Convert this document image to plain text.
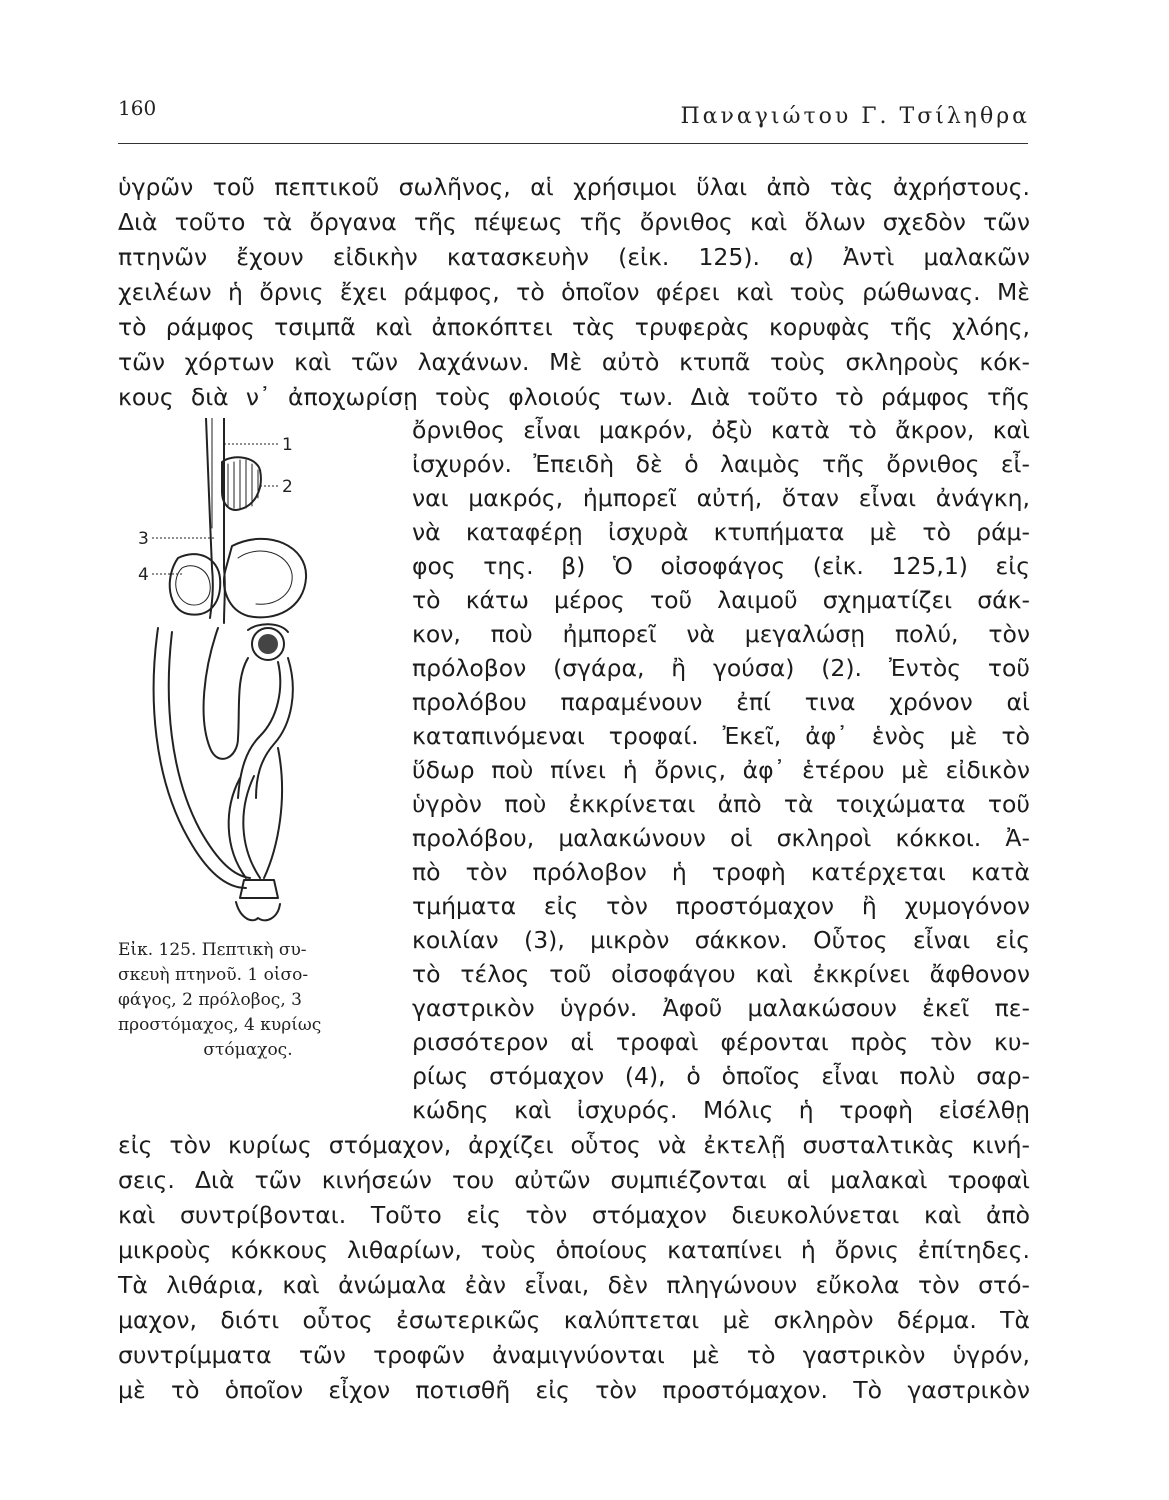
160	Παναγιώτου Γ. Τσίληθρα

ὑγρῶν τοῦ πεπτικοῦ σωλῆνος, αἱ χρήσιμοι ὕλαι ἀπὸ τὰς ἀχρήστους.

Διὰ τοῦτο τὰ ὄργανα τῆς πέψεως τῆς ὄρνιθος καὶ ὅλων σχεδὸν τῶν

πτηνῶν ἔχουν εἰδικὴν κατασκευὴν (εἰκ. 125). α) Ἀντὶ μαλακῶν

χειλέων ἡ ὄρνις ἔχει ράμφος, τὸ ὁποῖον φέρει καὶ τοὺς ρώθωνας. Μὲ

τὸ ράμφος τσιμπᾶ καὶ ἀποκόπτει τὰς τρυφερὰς κορυφὰς τῆς χλόης,

τῶν χόρτων καὶ τῶν λαχάνων. Μὲ αὐτὸ κτυπᾶ τοὺς σκληροὺς κόκ-

κους διὰ ν᾿ ἀποχωρίσῃ τοὺς φλοιούς των. Διὰ τοῦτο τὸ ράμφος τῆς

1
2
3
4

Εἰκ. 125. Πεπτικὴ συ-

σκευὴ πτηνοῦ. 1 οἰσο-

φάγος, 2 πρόλοβος, 3

προστόμαχος, 4 κυρίως

στόμαχος.

ὄρνιθος εἶναι μακρόν, ὀξὺ κατὰ τὸ ἄκρον, καὶ

ἰσχυρόν. Ἐπειδὴ δὲ ὁ λαιμὸς τῆς ὄρνιθος εἶ-

ναι μακρός, ἠμπορεῖ αὐτή, ὅταν εἶναι ἀνάγκη,

νὰ καταφέρῃ ἰσχυρὰ κτυπήματα μὲ τὸ ράμ-

φος της. β) Ὁ οἰσοφάγος (εἰκ. 125,1) εἰς

τὸ κάτω μέρος τοῦ λαιμοῦ σχηματίζει σάκ-

κον, ποὺ ἠμπορεῖ νὰ μεγαλώσῃ πολύ, τὸν

πρόλοβον (σγάρα, ἢ γούσα) (2). Ἐντὸς τοῦ

προλόβου παραμένουν ἐπί τινα χρόνον αἱ

καταπινόμεναι τροφαί. Ἐκεῖ, ἀφ᾿ ἑνὸς μὲ τὸ

ὕδωρ ποὺ πίνει ἡ ὄρνις, ἀφ᾿ ἑτέρου μὲ εἰδικὸν

ὑγρὸν ποὺ ἐκκρίνεται ἀπὸ τὰ τοιχώματα τοῦ

προλόβου, μαλακώνουν οἱ σκληροὶ κόκκοι. Ἀ-

πὸ τὸν πρόλοβον ἡ τροφὴ κατέρχεται κατὰ

τμήματα εἰς τὸν προστόμαχον ἢ χυμογόνον

κοιλίαν (3), μικρὸν σάκκον. Οὗτος εἶναι εἰς

τὸ τέλος τοῦ οἰσοφάγου καὶ ἐκκρίνει ἄφθονον

γαστρικὸν ὑγρόν. Ἀφοῦ μαλακώσουν ἐκεῖ πε-

ρισσότερον αἱ τροφαὶ φέρονται πρὸς τὸν κυ-

ρίως στόμαχον (4), ὁ ὁποῖος εἶναι πολὺ σαρ-

κώδης καὶ ἰσχυρός. Μόλις ἡ τροφὴ εἰσέλθῃ

εἰς τὸν κυρίως στόμαχον, ἀρχίζει οὗτος νὰ ἐκτελῇ συσταλτικὰς κινή-

σεις. Διὰ τῶν κινήσεών του αὐτῶν συμπιέζονται αἱ μαλακαὶ τροφαὶ

καὶ συντρίβονται. Τοῦτο εἰς τὸν στόμαχον διευκολύνεται καὶ ἀπὸ

μικροὺς κόκκους λιθαρίων, τοὺς ὁποίους καταπίνει ἡ ὄρνις ἐπίτηδες.

Τὰ λιθάρια, καὶ ἀνώμαλα ἐὰν εἶναι, δὲν πληγώνουν εὔκολα τὸν στό-

μαχον, διότι οὗτος ἐσωτερικῶς καλύπτεται μὲ σκληρὸν δέρμα. Τὰ

συντρίμματα τῶν τροφῶν ἀναμιγνύονται μὲ τὸ γαστρικὸν ὑγρόν,

μὲ τὸ ὁποῖον εἶχον ποτισθῆ εἰς τὸν προστόμαχον. Τὸ γαστρικὸν
